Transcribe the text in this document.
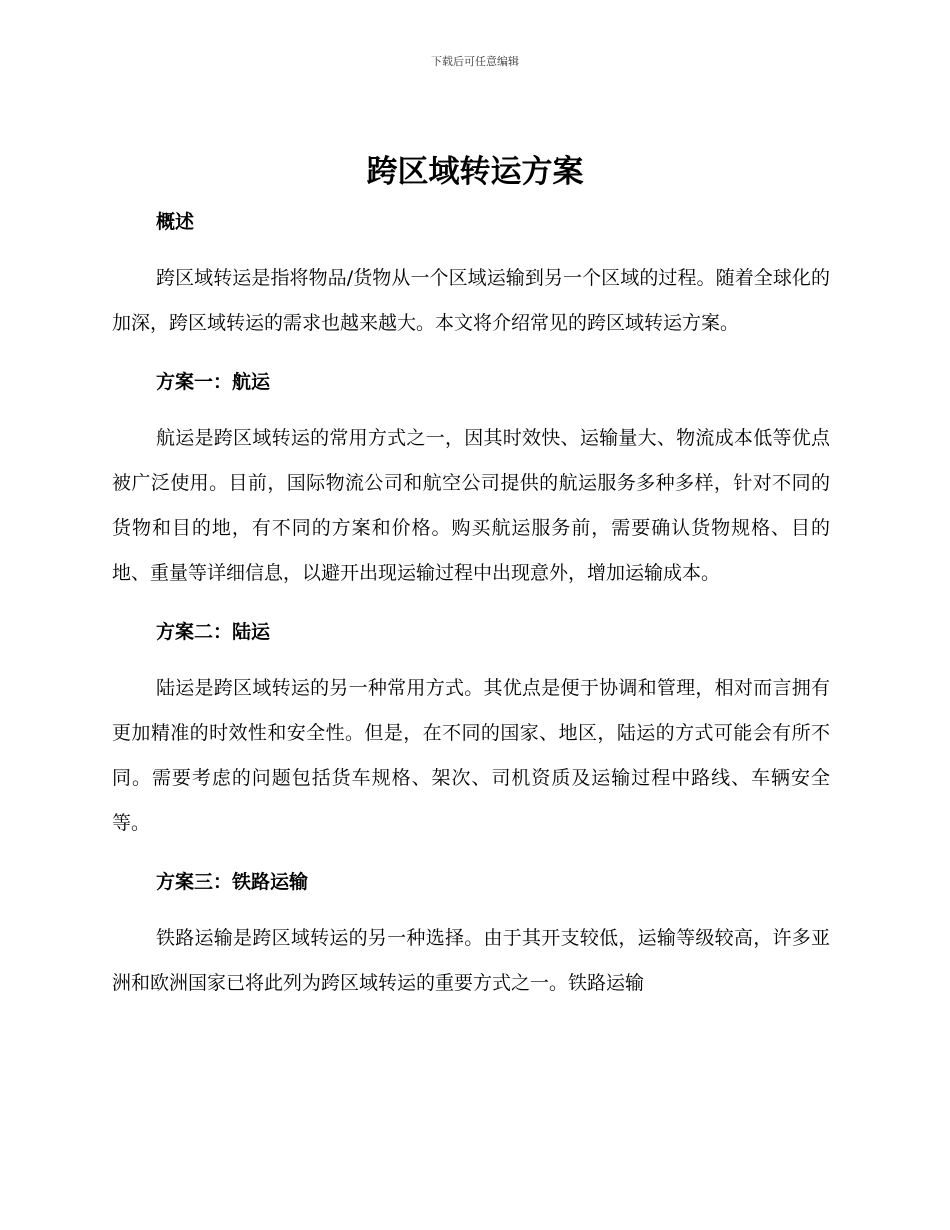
下载后可任意编辑
跨区域转运方案
概述

跨区域转运是指将物品/货物从一个区域运输到另一个区域的过程。随着全球化的加深，跨区域转运的需求也越来越大。本文将介绍常见的跨区域转运方案。

方案一：航运

航运是跨区域转运的常用方式之一，因其时效快、运输量大、物流成本低等优点被广泛使用。目前，国际物流公司和航空公司提供的航运服务多种多样，针对不同的货物和目的地，有不同的方案和价格。购买航运服务前，需要确认货物规格、目的地、重量等详细信息，以避开出现运输过程中出现意外，增加运输成本。

方案二：陆运

陆运是跨区域转运的另一种常用方式。其优点是便于协调和管理，相对而言拥有更加精准的时效性和安全性。但是，在不同的国家、地区，陆运的方式可能会有所不同。需要考虑的问题包括货车规格、架次、司机资质及运输过程中路线、车辆安全等。

方案三：铁路运输

铁路运输是跨区域转运的另一种选择。由于其开支较低，运输等级较高，许多亚洲和欧洲国家已将此列为跨区域转运的重要方式之一。铁路运输
